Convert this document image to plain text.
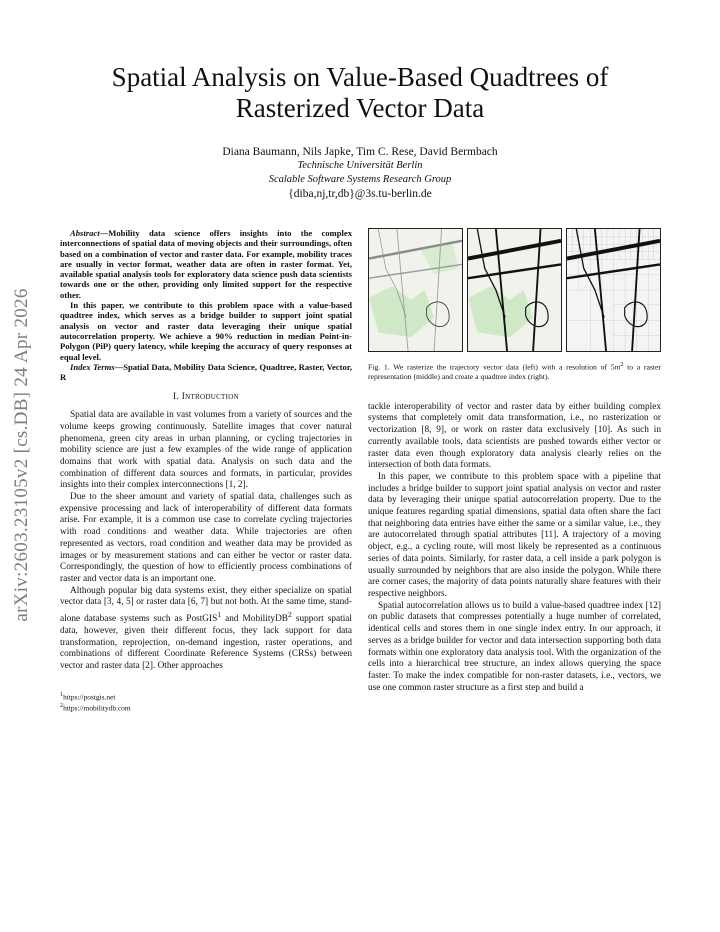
arXiv:2603.23105v2 [cs.DB] 24 Apr 2026
Spatial Analysis on Value-Based Quadtrees of
Rasterized Vector Data
Diana Baumann, Nils Japke, Tim C. Rese, David Bermbach
Technische Universität Berlin
Scalable Software Systems Research Group
{diba,nj,tr,db}@3s.tu-berlin.de

Abstract—Mobility data science offers insights into the complex interconnections of spatial data of moving objects and their surroundings, often based on a combination of vector and raster data. For example, mobility traces are usually in vector format, weather data are often in raster format. Yet, available spatial analysis tools for exploratory data science push data scientists towards one or the other, providing only limited support for the respective other.

In this paper, we contribute to this problem space with a value-based quadtree index, which serves as a bridge builder to support joint spatial analysis on vector and raster data leveraging their unique spatial autocorrelation property. We achieve a 90% reduction in median Point-in-Polygon (PiP) query latency, while keeping the accuracy of query responses at equal level.

Index Terms—Spatial Data, Mobility Data Science, Quadtree, Raster, Vector, R

I. Introduction

Spatial data are available in vast volumes from a variety of sources and the volume keeps growing continuously. Satellite images that cover natural phenomena, green city areas in urban planning, or cycling trajectories in mobility science are just a few examples of the wide range of application domains that work with spatial data. Analysis on such data and the combination of different data sources and formats, in particular, provides insights into their complex interconnections [1, 2].

Due to the sheer amount and variety of spatial data, challenges such as expensive processing and lack of interoperability of different data formats arise. For example, it is a common use case to correlate cycling trajectories with road conditions and weather data. While trajectories are often represented as vectors, road condition and weather data may be provided as images or by measurement stations and can either be vector or raster data. Correspondingly, the question of how to efficiently process combinations of raster and vector data is an important one.

Although popular big data systems exist, they either specialize on spatial vector data [3, 4, 5] or raster data [6, 7] but not both. At the same time, stand-alone database systems such as PostGIS$^1$ and MobilityDB$^2$ support spatial data, however, given their different focus, they lack support for data transformation, reprojection, on-demand ingestion, raster operations, and combinations of different Coordinate Reference Systems (CRSs) between vector and raster data [2]. Other approaches

$^1$https://postgis.net
$^2$https://mobilitydb.com

Fig. 1. We rasterize the trajectory vector data (left) with a resolution of $5m^2$ to a raster representation (middle) and create a quadtree index (right).

tackle interoperability of vector and raster data by either building complex systems that completely omit data transformation, i.e., no rasterization or vectorization [8, 9], or work on raster data exclusively [10]. As such in currently available tools, data scientists are pushed towards either vector or raster data even though exploratory data analysis clearly relies on the intersection of both data formats.

In this paper, we contribute to this problem space with a pipeline that includes a bridge builder to support joint spatial analysis on vector and raster data by leveraging their unique spatial autocorrelation property. Due to the unique features regarding spatial dimensions, spatial data often share the fact that neighboring data entries have either the same or a similar value, i.e., they are autocorrelated through spatial attributes [11]. A trajectory of a moving object, e.g., a cycling route, will most likely be represented as a continuous series of data points. Similarly, for raster data, a cell inside a park polygon is usually surrounded by neighbors that are also inside the polygon. While there are corner cases, the majority of data points naturally share features with their respective neighbors.

Spatial autocorrelation allows us to build a value-based quadtree index [12] on public datasets that compresses potentially a huge number of correlated, identical cells and stores them in one single index entry. In our approach, it serves as a bridge builder for vector and data intersection supporting both data formats within one exploratory data analysis tool. With the organization of the cells into a hierarchical tree structure, an index allows querying the space faster. To make the index compatible for non-raster datasets, i.e., vectors, we use one common raster structure as a first step and build a
